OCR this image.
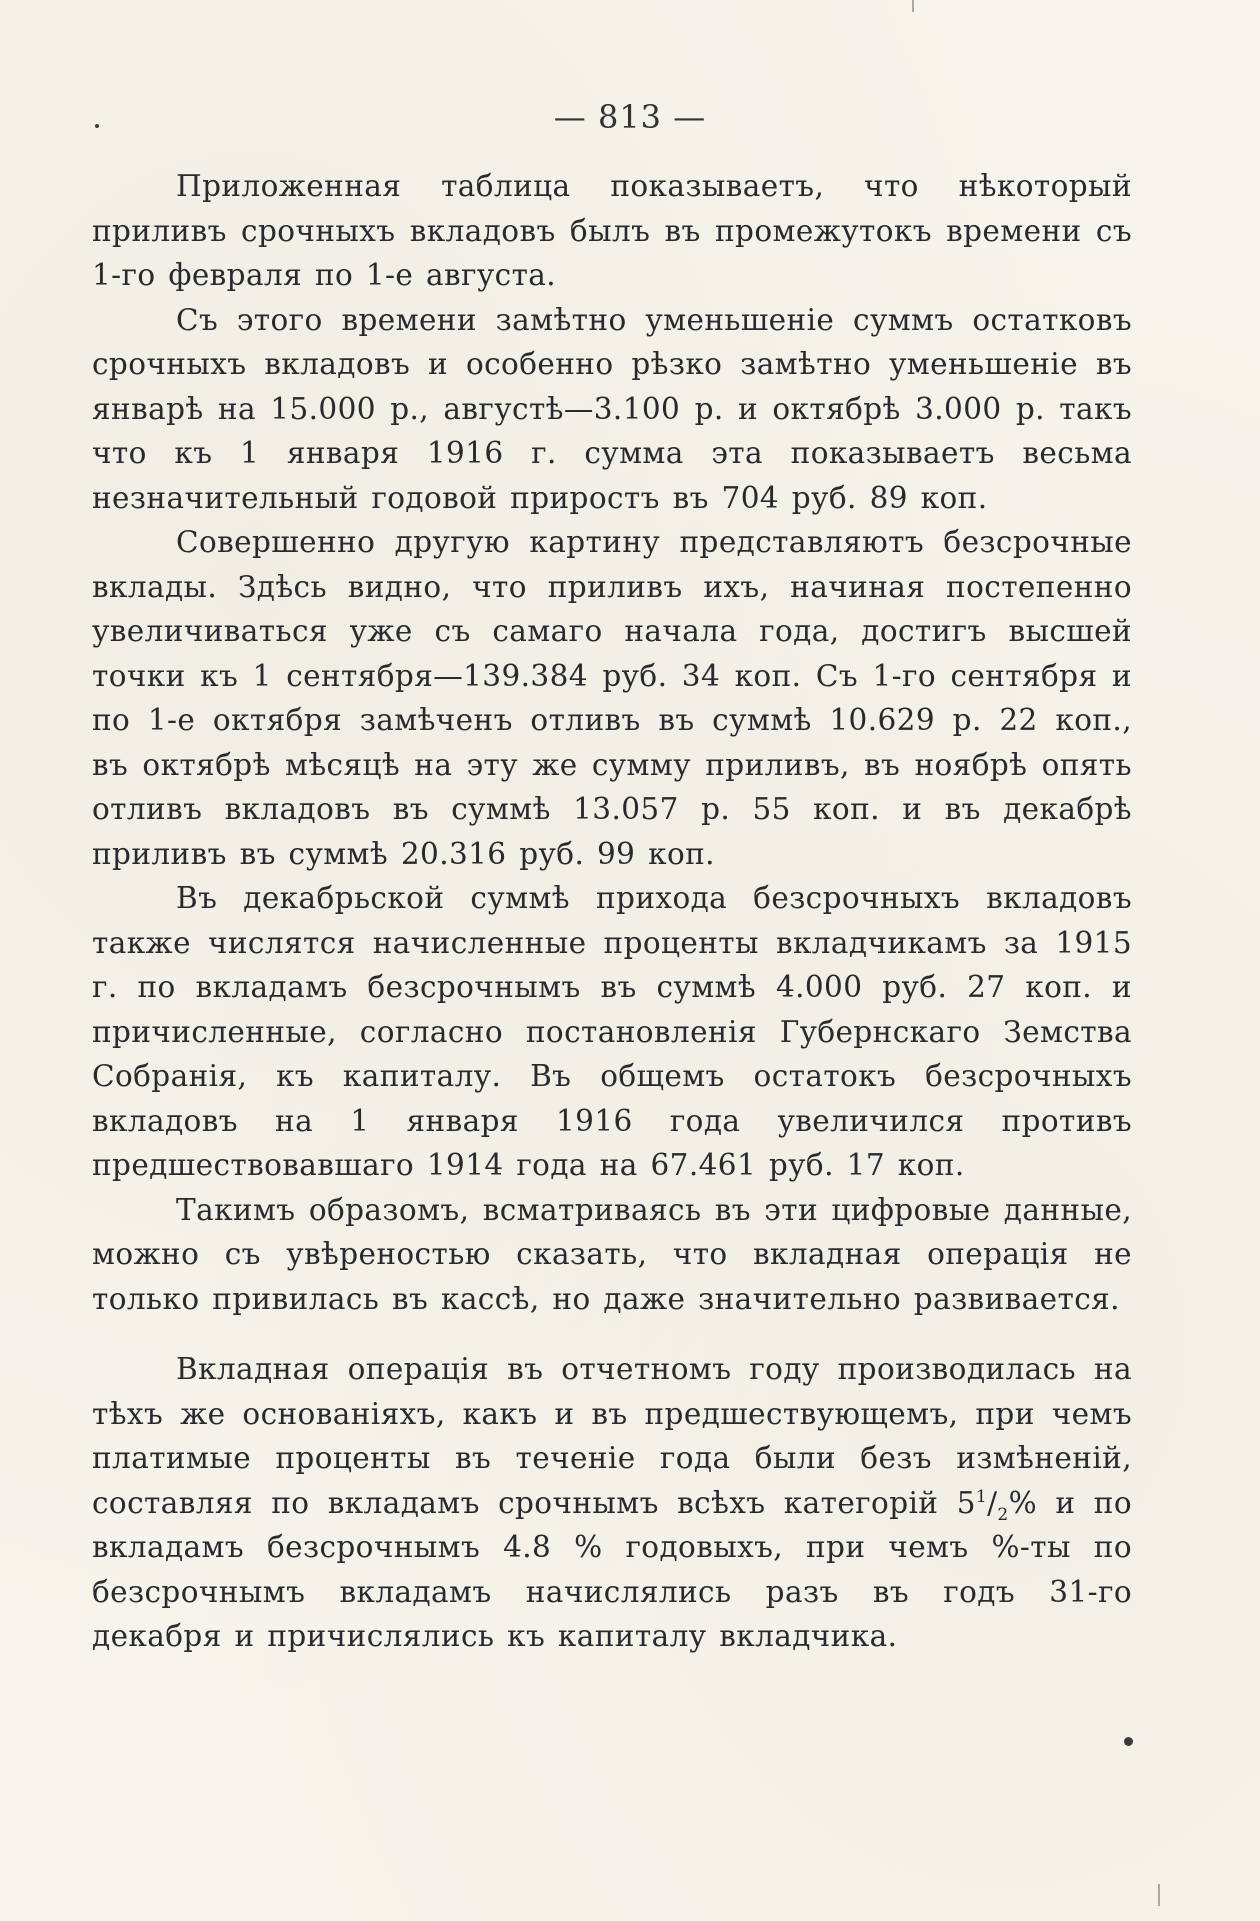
— 813 —

Приложенная таблица показываетъ, что нѣкоторый приливъ срочныхъ вкладовъ былъ въ промежутокъ времени съ 1-го февраля по 1-е августа.

Съ этого времени замѣтно уменьшеніе суммъ остатковъ срочныхъ вкладовъ и особенно рѣзко замѣтно уменьшеніе въ январѣ на 15.000 р., августѣ—3.100 р. и октябрѣ 3.000 р. такъ что къ 1 января 1916 г. сумма эта показываетъ весьма незначительный годовой приростъ въ 704 руб. 89 коп.

Совершенно другую картину представляютъ безсрочные вклады. Здѣсь видно, что приливъ ихъ, начиная постепенно увеличиваться уже съ самаго начала года, достигъ высшей точки къ 1 сентября—139.384 руб. 34 коп. Съ 1-го сентября и по 1-е октября замѣченъ отливъ въ суммѣ 10.629 р. 22 коп., въ октябрѣ мѣсяцѣ на эту же сумму приливъ, въ ноябрѣ опять отливъ вкладовъ въ суммѣ 13.057 р. 55 коп. и въ декабрѣ приливъ въ суммѣ 20.316 руб. 99 коп.

Въ декабрьской суммѣ прихода безсрочныхъ вкладовъ также числятся начисленные проценты вкладчикамъ за 1915 г. по вкладамъ безсрочнымъ въ суммѣ 4.000 руб. 27 коп. и причисленные, согласно постановленія Губернскаго Земства Собранія, къ капиталу. Въ общемъ остатокъ безсрочныхъ вкладовъ на 1 января 1916 года увеличился противъ предшествовавшаго 1914 года на 67.461 руб. 17 коп.

Такимъ образомъ, всматриваясь въ эти цифровые данные, можно съ увѣреностью сказать, что вкладная операція не только привилась въ кассѣ, но даже значительно развивается.

Вкладная операція въ отчетномъ году производилась на тѣхъ же основаніяхъ, какъ и въ предшествующемъ, при чемъ платимые проценты въ теченіе года были безъ измѣненій, составляя по вкладамъ срочнымъ всѣхъ категорій $5^1/_2\%$ и по вкладамъ безсрочнымъ 4.8 % годовыхъ, при чемъ %-ты по безсрочнымъ вкладамъ начислялись разъ въ годъ 31-го декабря и причислялись къ капиталу вкладчика.
